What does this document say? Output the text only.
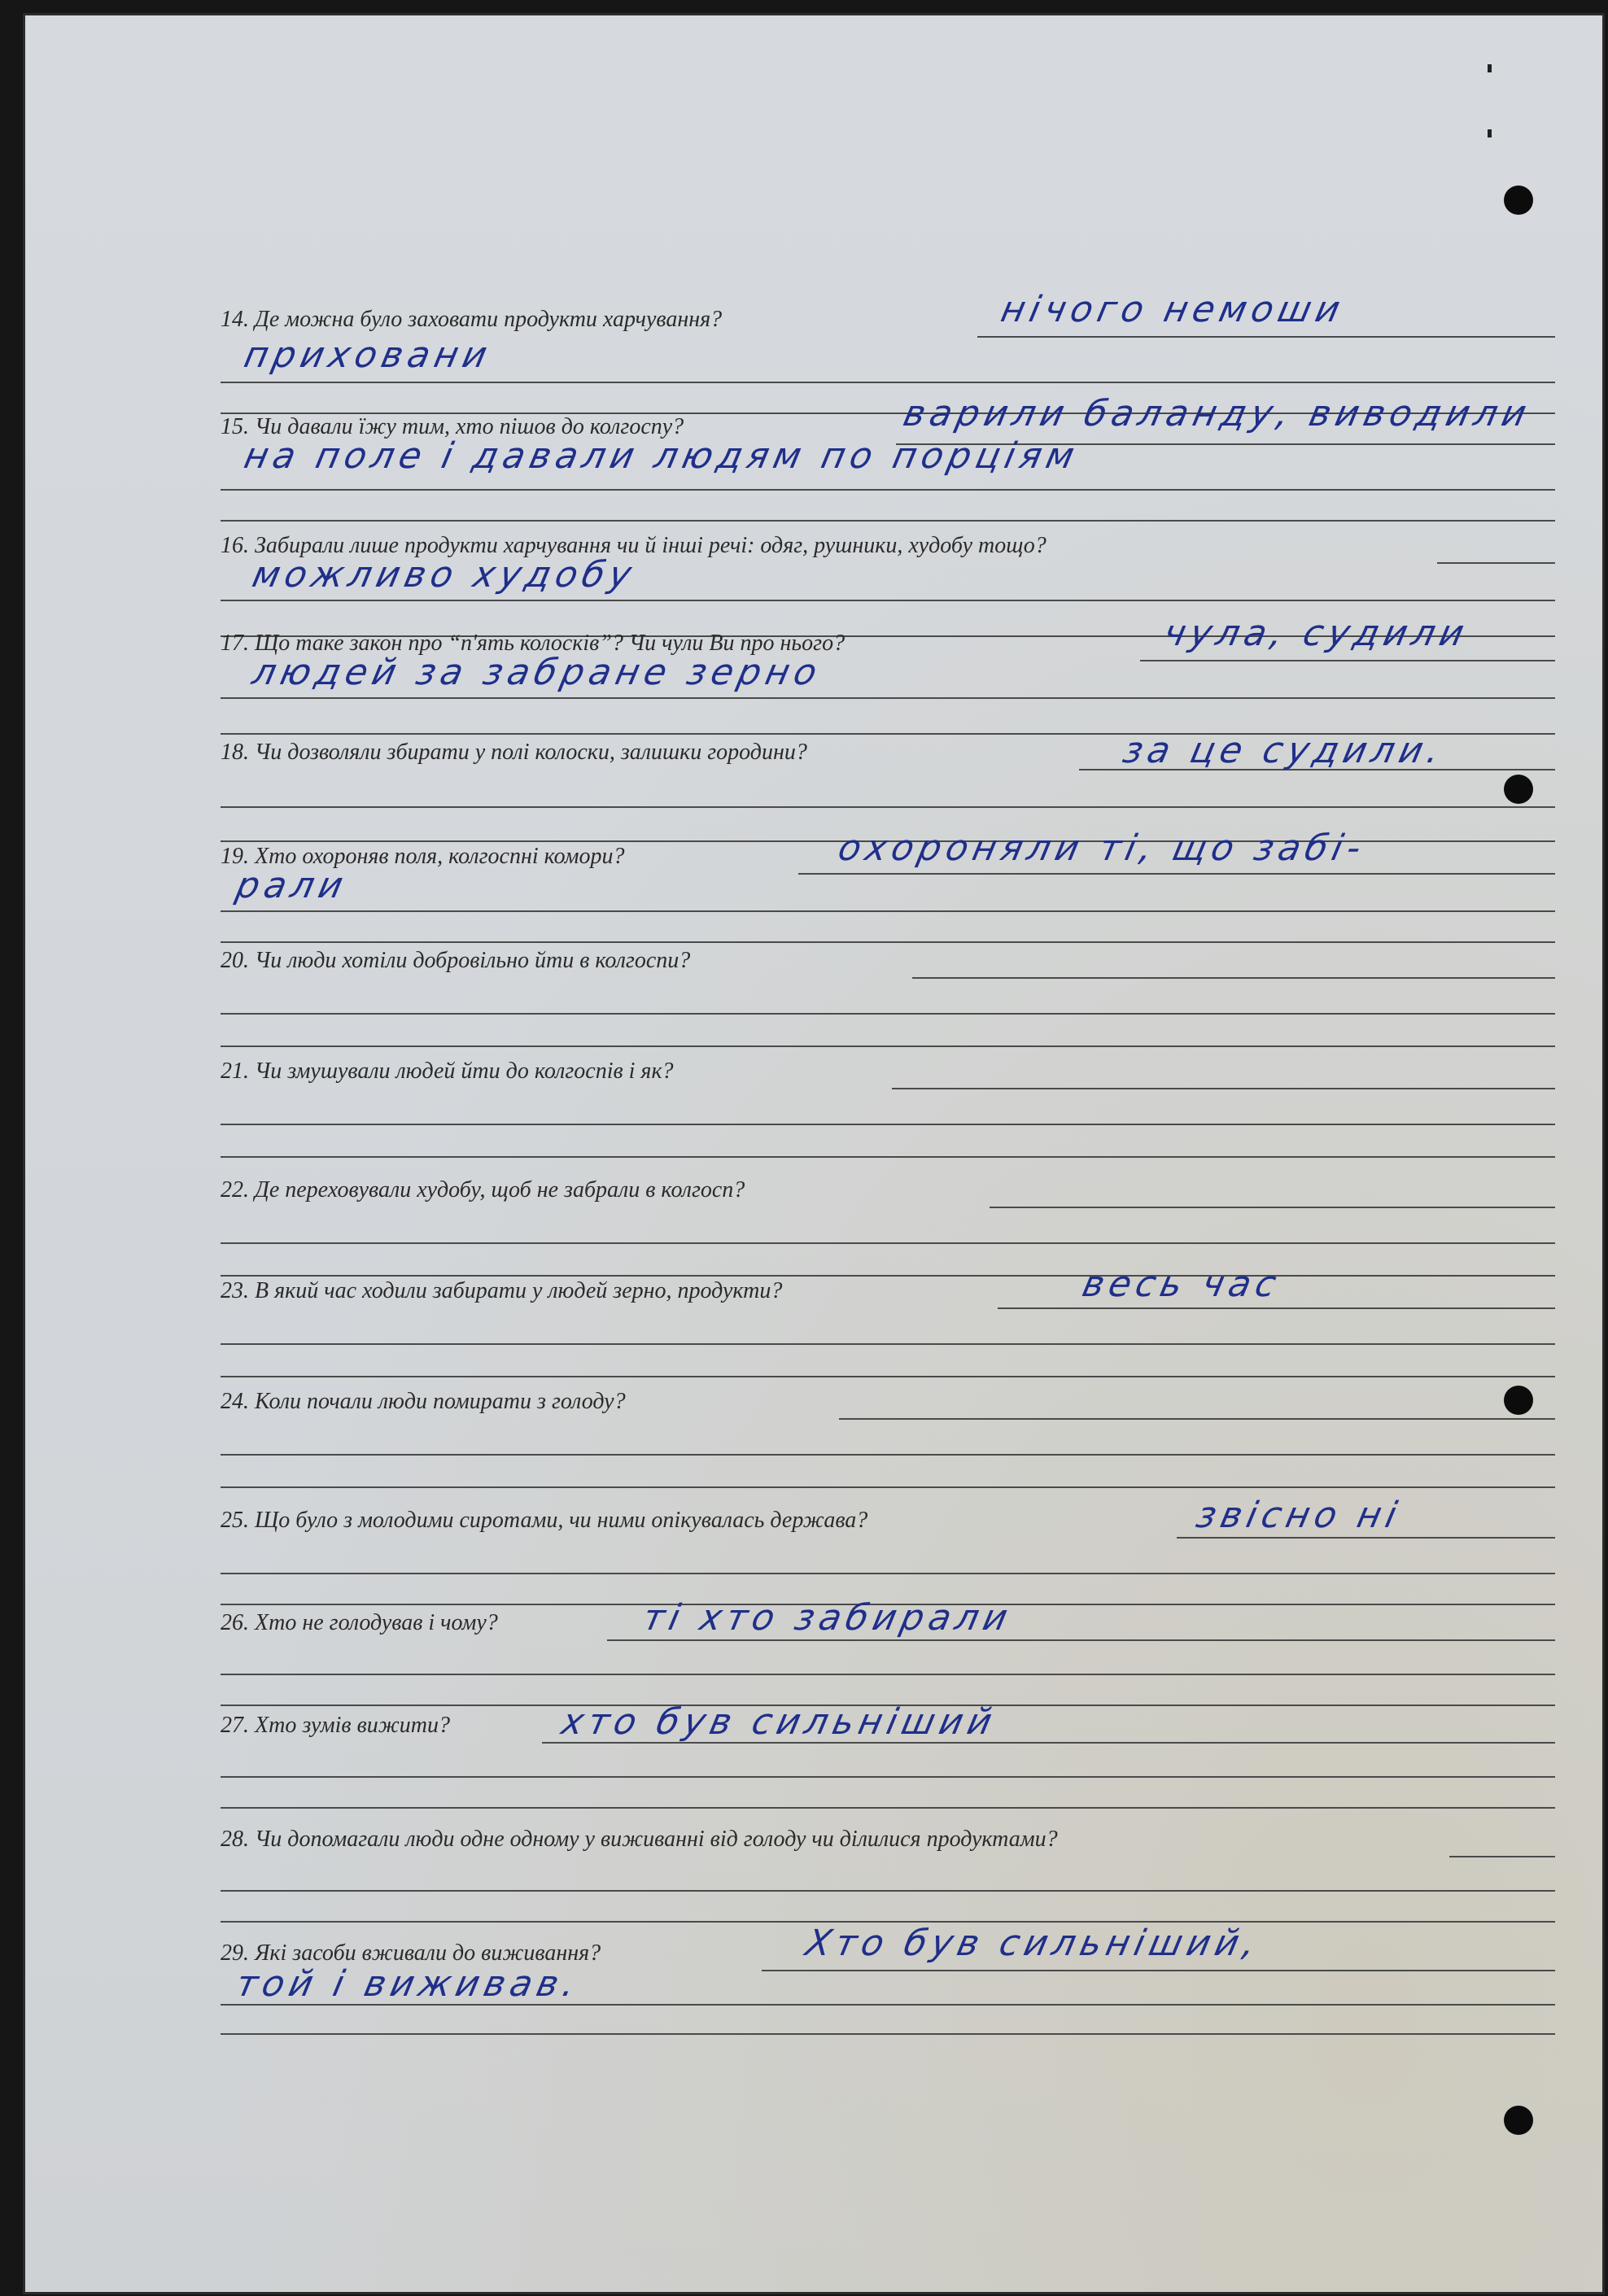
14. Де можна було заховати продукти харчування?	нічого немоши
приховани
15. Чи давали їжу тим, хто пішов до колгоспу?	варили баланду, виводили
на поле і давали людям по порціям
16. Забирали лише продукти харчування чи й інші речі: одяг, рушники, худобу тощо?
можливо худобу
17. Що таке закон про “п'ять колосків”? Чи чули Ви про нього?	чула, судили
людей за забране зерно
18. Чи дозволяли збирати у полі колоски, залишки городини?	за це судили.
19. Хто охороняв поля, колгоспні комори?	охороняли ті, що забі-
рали
20. Чи люди хотіли добровільно йти в колгоспи?
21. Чи змушували людей йти до колгоспів і як?
22. Де переховували худобу, щоб не забрали в колгосп?
23. В який час ходили забирати у людей зерно, продукти?	весь час
24. Коли почали люди помирати з голоду?
25. Що було з молодими сиротами, чи ними опікувалась держава?	звісно ні
26. Хто не голодував і чому?	ті хто забирали
27. Хто зумів вижити?	хто був сильніший
28. Чи допомагали люди одне одному у виживанні від голоду чи ділилися продуктами?
29. Які засоби вживали до виживання?	Хто був сильніший,
той і виживав.
